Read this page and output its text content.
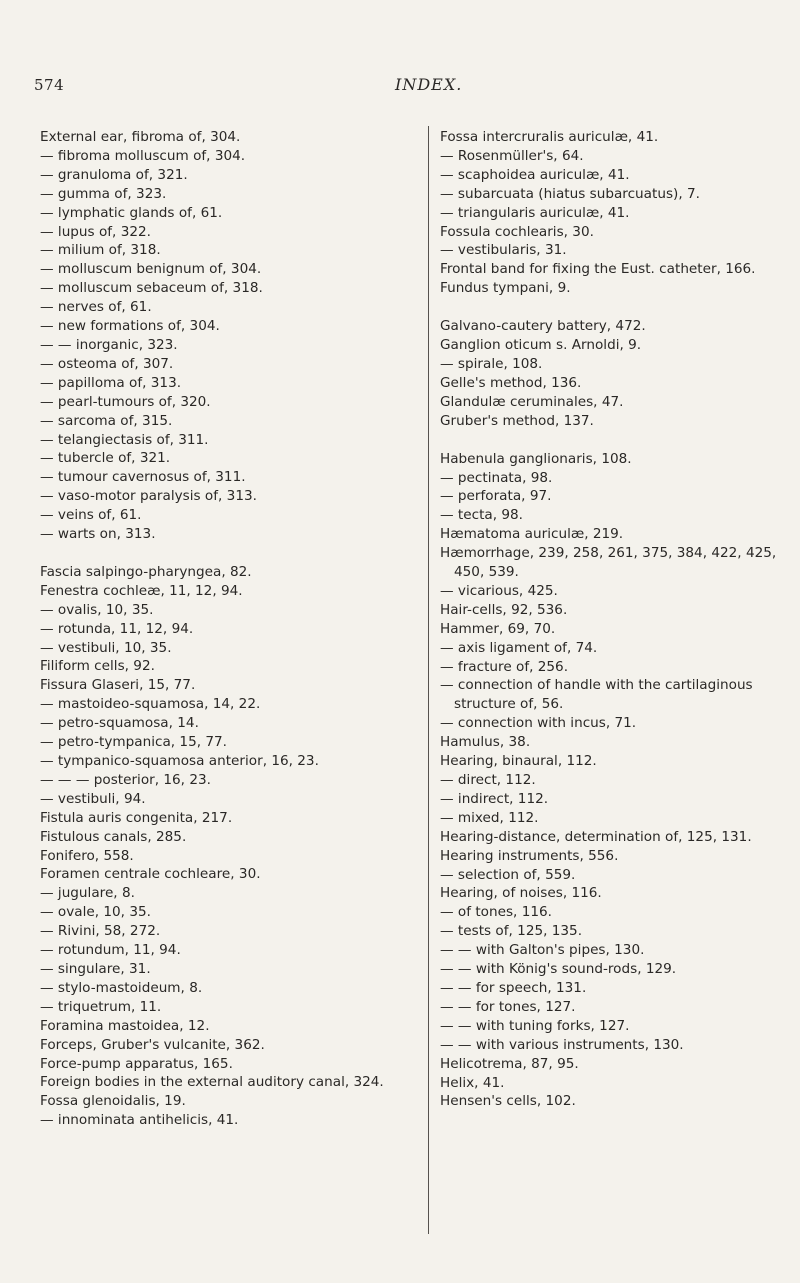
574	INDEX.
External ear, fibroma of, 304.
— fibroma molluscum of, 304.
— granuloma of, 321.
— gumma of, 323.
— lymphatic glands of, 61.
— lupus of, 322.
— milium of, 318.
— molluscum benignum of, 304.
— molluscum sebaceum of, 318.
— nerves of, 61.
— new formations of, 304.
— — inorganic, 323.
— osteoma of, 307.
— papilloma of, 313.
— pearl-tumours of, 320.
— sarcoma of, 315.
— telangiectasis of, 311.
— tubercle of, 321.
— tumour cavernosus of, 311.
— vaso-motor paralysis of, 313.
— veins of, 61.
— warts on, 313.
Fascia salpingo-pharyngea, 82.
Fenestra cochleæ, 11, 12, 94.
— ovalis, 10, 35.
— rotunda, 11, 12, 94.
— vestibuli, 10, 35.
Filiform cells, 92.
Fissura Glaseri, 15, 77.
— mastoideo-squamosa, 14, 22.
— petro-squamosa, 14.
— petro-tympanica, 15, 77.
— tympanico-squamosa anterior, 16, 23.
— — — posterior, 16, 23.
— vestibuli, 94.
Fistula auris congenita, 217.
Fistulous canals, 285.
Fonifero, 558.
Foramen centrale cochleare, 30.
— jugulare, 8.
— ovale, 10, 35.
— Rivini, 58, 272.
— rotundum, 11, 94.
— singulare, 31.
— stylo-mastoideum, 8.
— triquetrum, 11.
Foramina mastoidea, 12.
Forceps, Gruber's vulcanite, 362.
Force-pump apparatus, 165.
Foreign bodies in the external auditory canal, 324.
Fossa glenoidalis, 19.
— innominata antihelicis, 41.
Fossa intercruralis auriculæ, 41.
— Rosenmüller's, 64.
— scaphoidea auriculæ, 41.
— subarcuata (hiatus subarcuatus), 7.
— triangularis auriculæ, 41.
Fossula cochlearis, 30.
— vestibularis, 31.
Frontal band for fixing the Eust. catheter, 166.
Fundus tympani, 9.
Galvano-cautery battery, 472.
Ganglion oticum s. Arnoldi, 9.
— spirale, 108.
Gelle's method, 136.
Glandulæ ceruminales, 47.
Gruber's method, 137.
Habenula ganglionaris, 108.
— pectinata, 98.
— perforata, 97.
— tecta, 98.
Hæmatoma auriculæ, 219.
Hæmorrhage, 239, 258, 261, 375, 384, 422, 425, 450, 539.
— vicarious, 425.
Hair-cells, 92, 536.
Hammer, 69, 70.
— axis ligament of, 74.
— fracture of, 256.
— connection of handle with the cartilaginous structure of, 56.
— connection with incus, 71.
Hamulus, 38.
Hearing, binaural, 112.
— direct, 112.
— indirect, 112.
— mixed, 112.
Hearing-distance, determination of, 125, 131.
Hearing instruments, 556.
— selection of, 559.
Hearing, of noises, 116.
— of tones, 116.
— tests of, 125, 135.
— — with Galton's pipes, 130.
— — with König's sound-rods, 129.
— — for speech, 131.
— — for tones, 127.
— — with tuning forks, 127.
— — with various instruments, 130.
Helicotrema, 87, 95.
Helix, 41.
Hensen's cells, 102.
